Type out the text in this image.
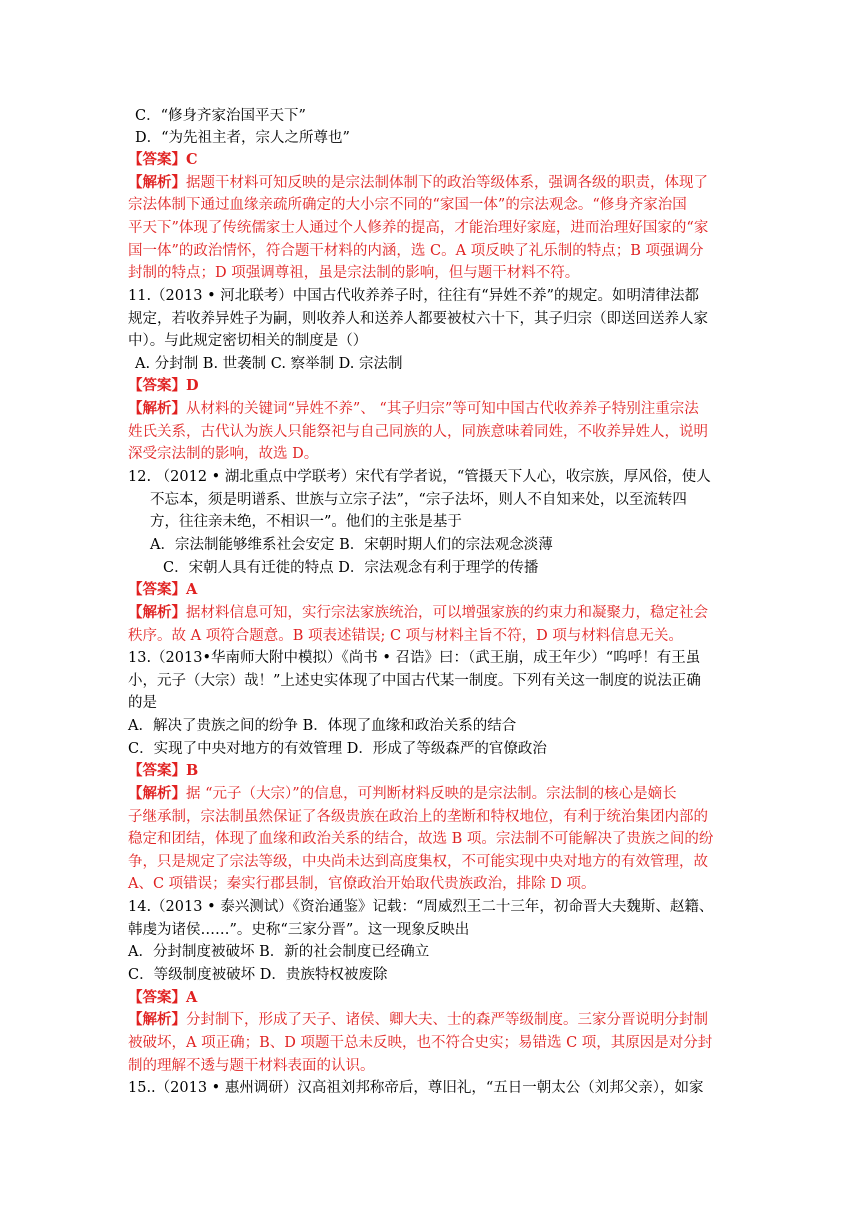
C．“修身齐家治国平天下”
D．“为先祖主者，宗人之所尊也”
【答案】C
【解析】据题干材料可知反映的是宗法制体制下的政治等级体系，强调各级的职责，体现了
宗法体制下通过血缘亲疏所确定的大小宗不同的“家国一体”的宗法观念。“修身齐家治国
平天下”体现了传统儒家士人通过个人修养的提高，才能治理好家庭，进而治理好国家的“家
国一体”的政治情怀，符合题干材料的内涵，选 C。A 项反映了礼乐制的特点；B 项强调分
封制的特点；D 项强调尊祖，虽是宗法制的影响，但与题干材料不符。
11.（2013 • 河北联考）中国古代收养养子时，往往有“异姓不养”的规定。如明清律法都
规定，若收养异姓子为嗣，则收养人和送养人都要被杖六十下，其子归宗（即送回送养人家
中）。与此规定密切相关的制度是（）
A. 分封制 B. 世袭制 C. 察举制 D. 宗法制
【答案】D
【解析】从材料的关键词“异姓不养”、 “其子归宗”等可知中国古代收养养子特别注重宗法
姓氏关系，古代认为族人只能祭祀与自己同族的人，同族意味着同姓，不收养异姓人，说明
深受宗法制的影响，故选 D。
12. （2012 • 湖北重点中学联考）宋代有学者说，“管摄天下人心，收宗族，厚风俗，使人
不忘本，须是明谱系、世族与立宗子法”，“宗子法坏，则人不自知来处，以至流转四
方，往往亲未绝，不相识一”。他们的主张是基于
A．宗法制能够维系社会安定 B．宋朝时期人们的宗法观念淡薄
C．宋朝人具有迁徙的特点 D．宗法观念有利于理学的传播
【答案】A
【解析】据材料信息可知，实行宗法家族统治，可以增强家族的约束力和凝聚力，稳定社会
秩序。故 A 项符合题意。B 项表述错误; C 项与材料主旨不符，D 项与材料信息无关。
13.（2013•华南师大附中模拟）《尚书 • 召诰》曰：（武王崩，成王年少）“呜呼！有王虽
小，元子（大宗）哉！”上述史实体现了中国古代某一制度。下列有关这一制度的说法正确
的是
A．解决了贵族之间的纷争 B．体现了血缘和政治关系的结合
C．实现了中央对地方的有效管理 D．形成了等级森严的官僚政治
【答案】B
【解析】据 “元子（大宗）”的信息，可判断材料反映的是宗法制。宗法制的核心是嫡长
子继承制，宗法制虽然保证了各级贵族在政治上的垄断和特权地位，有利于统治集团内部的
稳定和团结，体现了血缘和政治关系的结合，故选 B 项。宗法制不可能解决了贵族之间的纷
争，只是规定了宗法等级，中央尚未达到高度集权，不可能实现中央对地方的有效管理，故
A、C 项错误；秦实行郡县制，官僚政治开始取代贵族政治，排除 D 项。
14.（2013 • 泰兴测试）《资治通鉴》记载：“周威烈王二十三年，初命晋大夫魏斯、赵籍、
韩虔为诸侯……”。史称“三家分晋”。这一现象反映出
A．分封制度被破坏 B．新的社会制度已经确立
C．等级制度被破坏 D．贵族特权被废除
【答案】A
【解析】分封制下，形成了天子、诸侯、卿大夫、士的森严等级制度。三家分晋说明分封制
被破坏，A 项正确；B、D 项题干总未反映，也不符合史实；易错选 C 项，其原因是对分封
制的理解不透与题干材料表面的认识。
15..（2013 • 惠州调研）汉高祖刘邦称帝后，尊旧礼，“五日一朝太公（刘邦父亲），如家
